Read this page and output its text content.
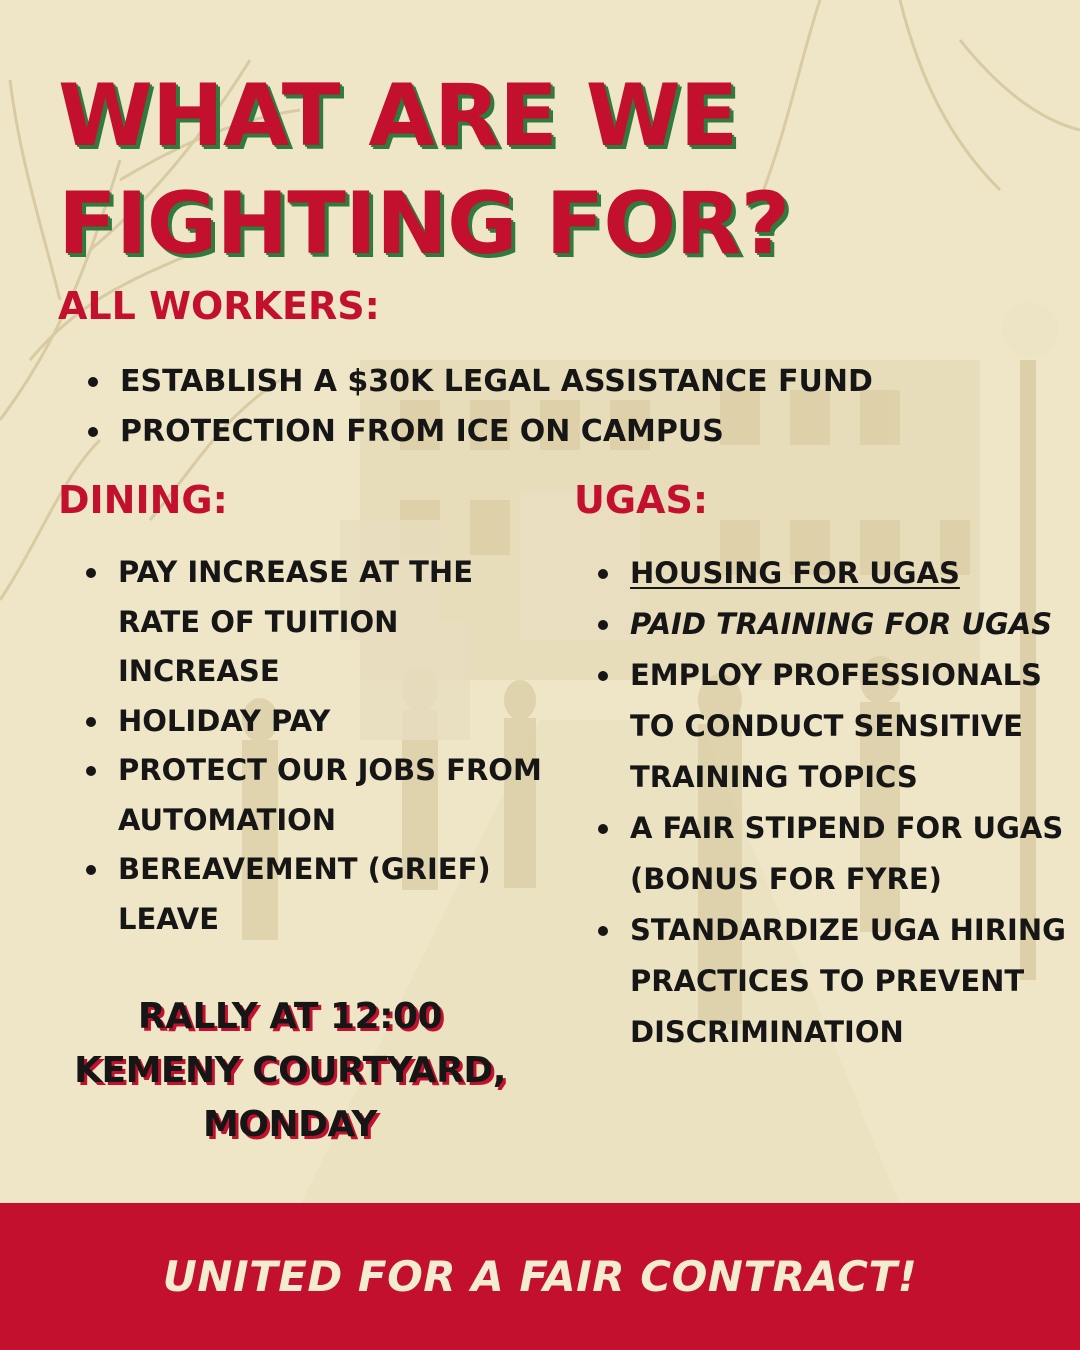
WHAT ARE WE
FIGHTING FOR?
ALL WORKERS:
ESTABLISH A $30K LEGAL ASSISTANCE FUND
PROTECTION FROM ICE ON CAMPUS
DINING:
PAY INCREASE AT THE RATE OF TUITION INCREASE
HOLIDAY PAY
PROTECT OUR JOBS FROM AUTOMATION
BEREAVEMENT (GRIEF) LEAVE
UGAS:
HOUSING FOR UGAS
PAID TRAINING FOR UGAS
EMPLOY PROFESSIONALS TO CONDUCT SENSITIVE TRAINING TOPICS
A FAIR STIPEND FOR UGAS (BONUS FOR FYRE)
STANDARDIZE UGA HIRING PRACTICES TO PREVENT DISCRIMINATION
RALLY AT 12:00
KEMENY COURTYARD,
MONDAY
UNITED FOR A FAIR CONTRACT!
